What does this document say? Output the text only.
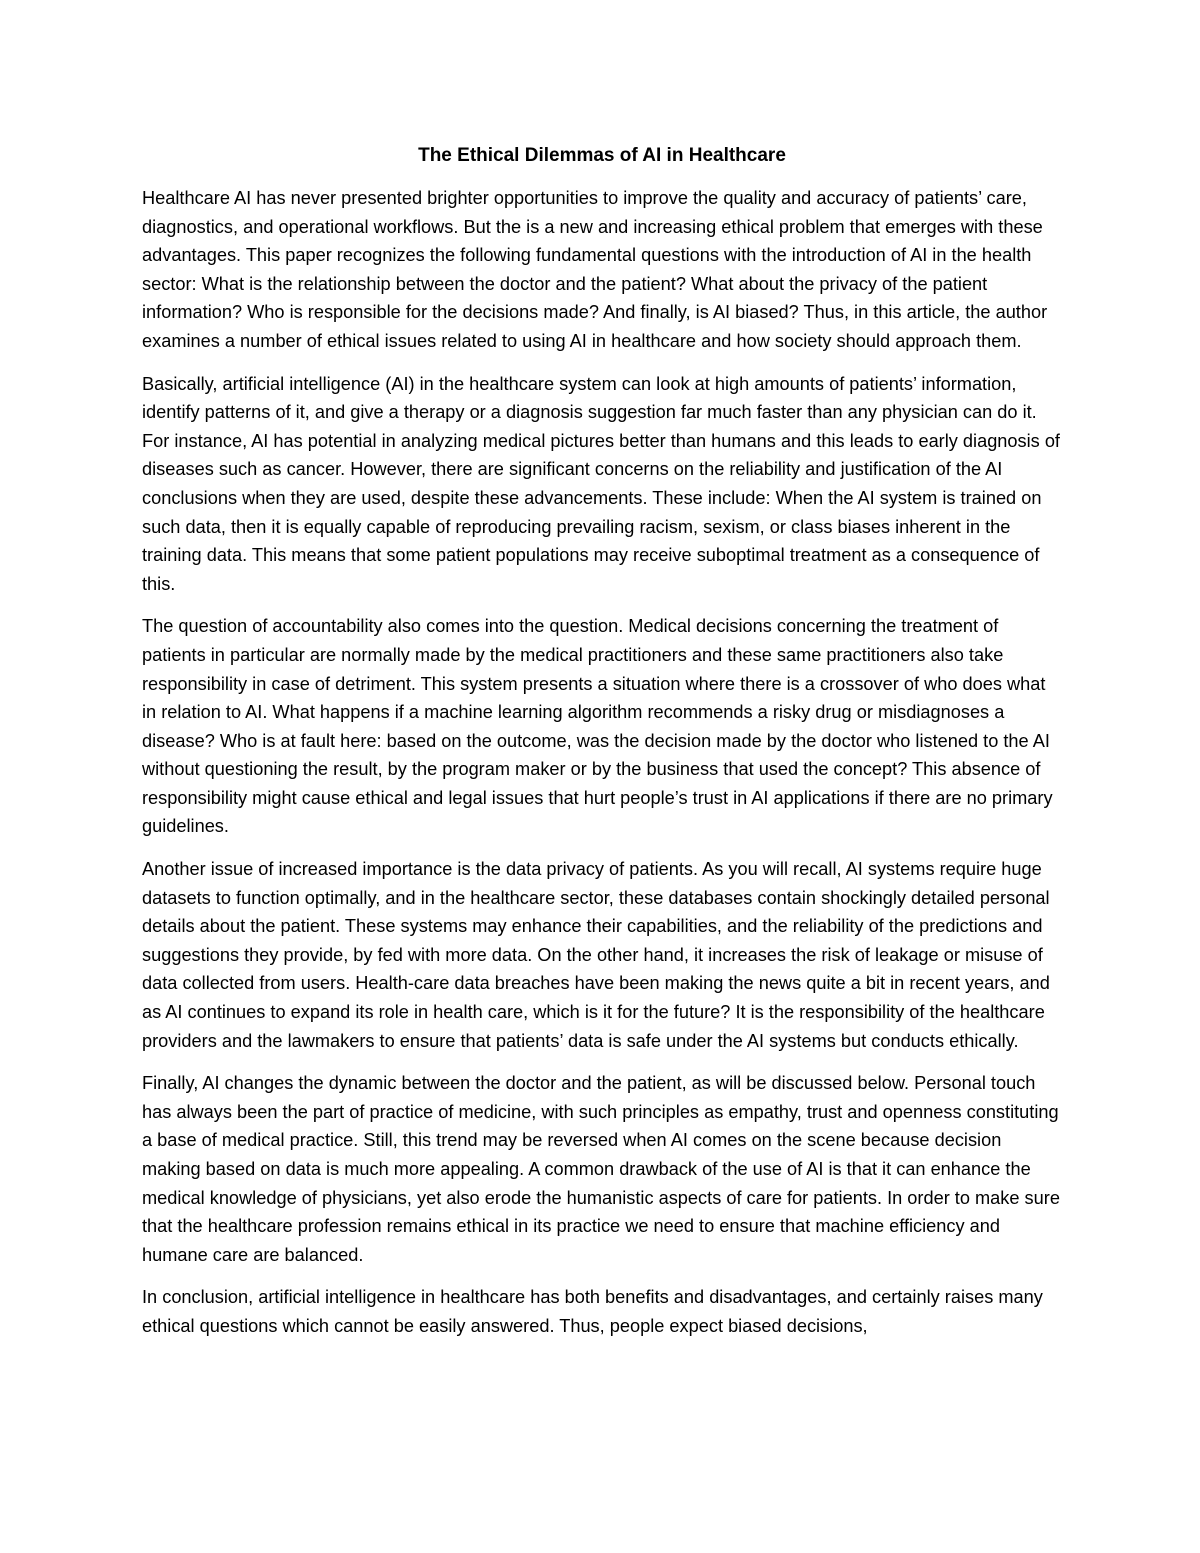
The Ethical Dilemmas of AI in Healthcare

Healthcare AI has never presented brighter opportunities to improve the quality and accuracy of patients’ care, diagnostics, and operational workflows. But the is a new and increasing ethical problem that emerges with these advantages. This paper recognizes the following fundamental questions with the introduction of AI in the health sector: What is the relationship between the doctor and the patient? What about the privacy of the patient information? Who is responsible for the decisions made? And finally, is AI biased? Thus, in this article, the author examines a number of ethical issues related to using AI in healthcare and how society should approach them.

Basically, artificial intelligence (AI) in the healthcare system can look at high amounts of patients’ information, identify patterns of it, and give a therapy or a diagnosis suggestion far much faster than any physician can do it. For instance, AI has potential in analyzing medical pictures better than humans and this leads to early diagnosis of diseases such as cancer. However, there are significant concerns on the reliability and justification of the AI conclusions when they are used, despite these advancements. These include: When the AI system is trained on such data, then it is equally capable of reproducing prevailing racism, sexism, or class biases inherent in the training data. This means that some patient populations may receive suboptimal treatment as a consequence of this.

The question of accountability also comes into the question. Medical decisions concerning the treatment of patients in particular are normally made by the medical practitioners and these same practitioners also take responsibility in case of detriment. This system presents a situation where there is a crossover of who does what in relation to AI. What happens if a machine learning algorithm recommends a risky drug or misdiagnoses a disease? Who is at fault here: based on the outcome, was the decision made by the doctor who listened to the AI without questioning the result, by the program maker or by the business that used the concept? This absence of responsibility might cause ethical and legal issues that hurt people’s trust in AI applications if there are no primary guidelines.

Another issue of increased importance is the data privacy of patients. As you will recall, AI systems require huge datasets to function optimally, and in the healthcare sector, these databases contain shockingly detailed personal details about the patient. These systems may enhance their capabilities, and the reliability of the predictions and suggestions they provide, by fed with more data. On the other hand, it increases the risk of leakage or misuse of data collected from users. Health-care data breaches have been making the news quite a bit in recent years, and as AI continues to expand its role in health care, which is it for the future? It is the responsibility of the healthcare providers and the lawmakers to ensure that patients’ data is safe under the AI systems but conducts ethically.

Finally, AI changes the dynamic between the doctor and the patient, as will be discussed below. Personal touch has always been the part of practice of medicine, with such principles as empathy, trust and openness constituting a base of medical practice. Still, this trend may be reversed when AI comes on the scene because decision making based on data is much more appealing. A common drawback of the use of AI is that it can enhance the medical knowledge of physicians, yet also erode the humanistic aspects of care for patients. In order to make sure that the healthcare profession remains ethical in its practice we need to ensure that machine efficiency and humane care are balanced.

In conclusion, artificial intelligence in healthcare has both benefits and disadvantages, and certainly raises many ethical questions which cannot be easily answered. Thus, people expect biased decisions,
